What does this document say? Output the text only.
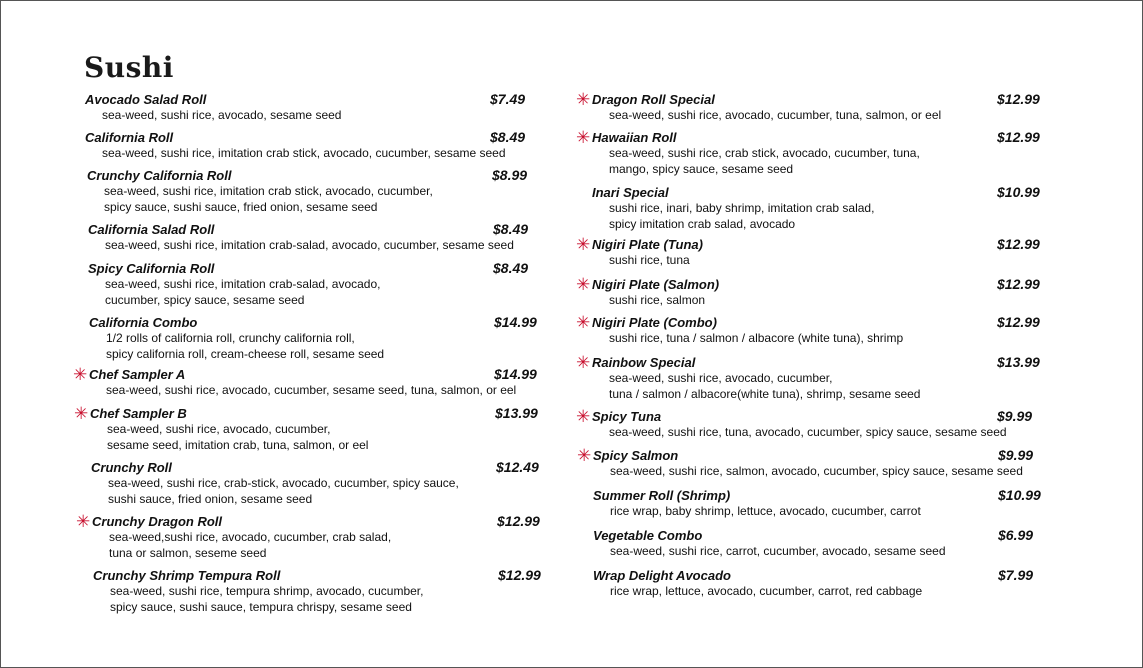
Sushi
Avocado Salad Roll	$7.49
sea-weed, sushi rice, avocado, sesame seed
California Roll	$8.49
sea-weed, sushi rice, imitation crab stick, avocado, cucumber, sesame seed
Crunchy California Roll	$8.99
sea-weed, sushi rice, imitation crab stick, avocado, cucumber,
spicy sauce, sushi sauce, fried onion, sesame seed
California Salad Roll	$8.49
sea-weed, sushi rice, imitation crab-salad, avocado, cucumber, sesame seed
Spicy California Roll	$8.49
sea-weed, sushi rice, imitation crab-salad, avocado,
cucumber, spicy sauce, sesame seed
California Combo	$14.99
1/2 rolls of california roll, crunchy california roll,
spicy california roll, cream-cheese roll, sesame seed
✳ Chef Sampler A	$14.99
sea-weed, sushi rice, avocado, cucumber, sesame seed, tuna, salmon, or eel
✳ Chef Sampler B	$13.99
sea-weed, sushi rice, avocado, cucumber,
sesame seed, imitation crab, tuna, salmon, or eel
Crunchy Roll	$12.49
sea-weed, sushi rice, crab-stick, avocado, cucumber, spicy sauce,
sushi sauce, fried onion, sesame seed
✳ Crunchy Dragon Roll	$12.99
sea-weed,sushi rice, avocado, cucumber, crab salad,
tuna or salmon, seseme seed
Crunchy Shrimp Tempura Roll	$12.99
sea-weed, sushi rice, tempura shrimp, avocado, cucumber,
spicy sauce, sushi sauce, tempura chrispy, sesame seed
✳ Dragon Roll Special	$12.99
sea-weed, sushi rice, avocado, cucumber, tuna, salmon, or eel
✳ Hawaiian Roll	$12.99
sea-weed, sushi rice, crab stick, avocado, cucumber, tuna,
mango, spicy sauce, sesame seed
Inari Special	$10.99
sushi rice, inari, baby shrimp, imitation crab salad,
spicy imitation crab salad, avocado
✳ Nigiri Plate (Tuna)	$12.99
sushi rice, tuna
✳ Nigiri Plate (Salmon)	$12.99
sushi rice, salmon
✳ Nigiri Plate (Combo)	$12.99
sushi rice, tuna / salmon / albacore (white tuna), shrimp
✳ Rainbow Special	$13.99
sea-weed, sushi rice, avocado, cucumber,
tuna / salmon / albacore(white tuna), shrimp, sesame seed
✳ Spicy Tuna	$9.99
sea-weed, sushi rice, tuna, avocado, cucumber, spicy sauce, sesame seed
✳ Spicy Salmon	$9.99
sea-weed, sushi rice, salmon, avocado, cucumber, spicy sauce, sesame seed
Summer Roll (Shrimp)	$10.99
rice wrap, baby shrimp, lettuce, avocado, cucumber, carrot
Vegetable Combo	$6.99
sea-weed, sushi rice, carrot, cucumber, avocado, sesame seed
Wrap Delight Avocado	$7.99
rice wrap, lettuce, avocado, cucumber, carrot, red cabbage
